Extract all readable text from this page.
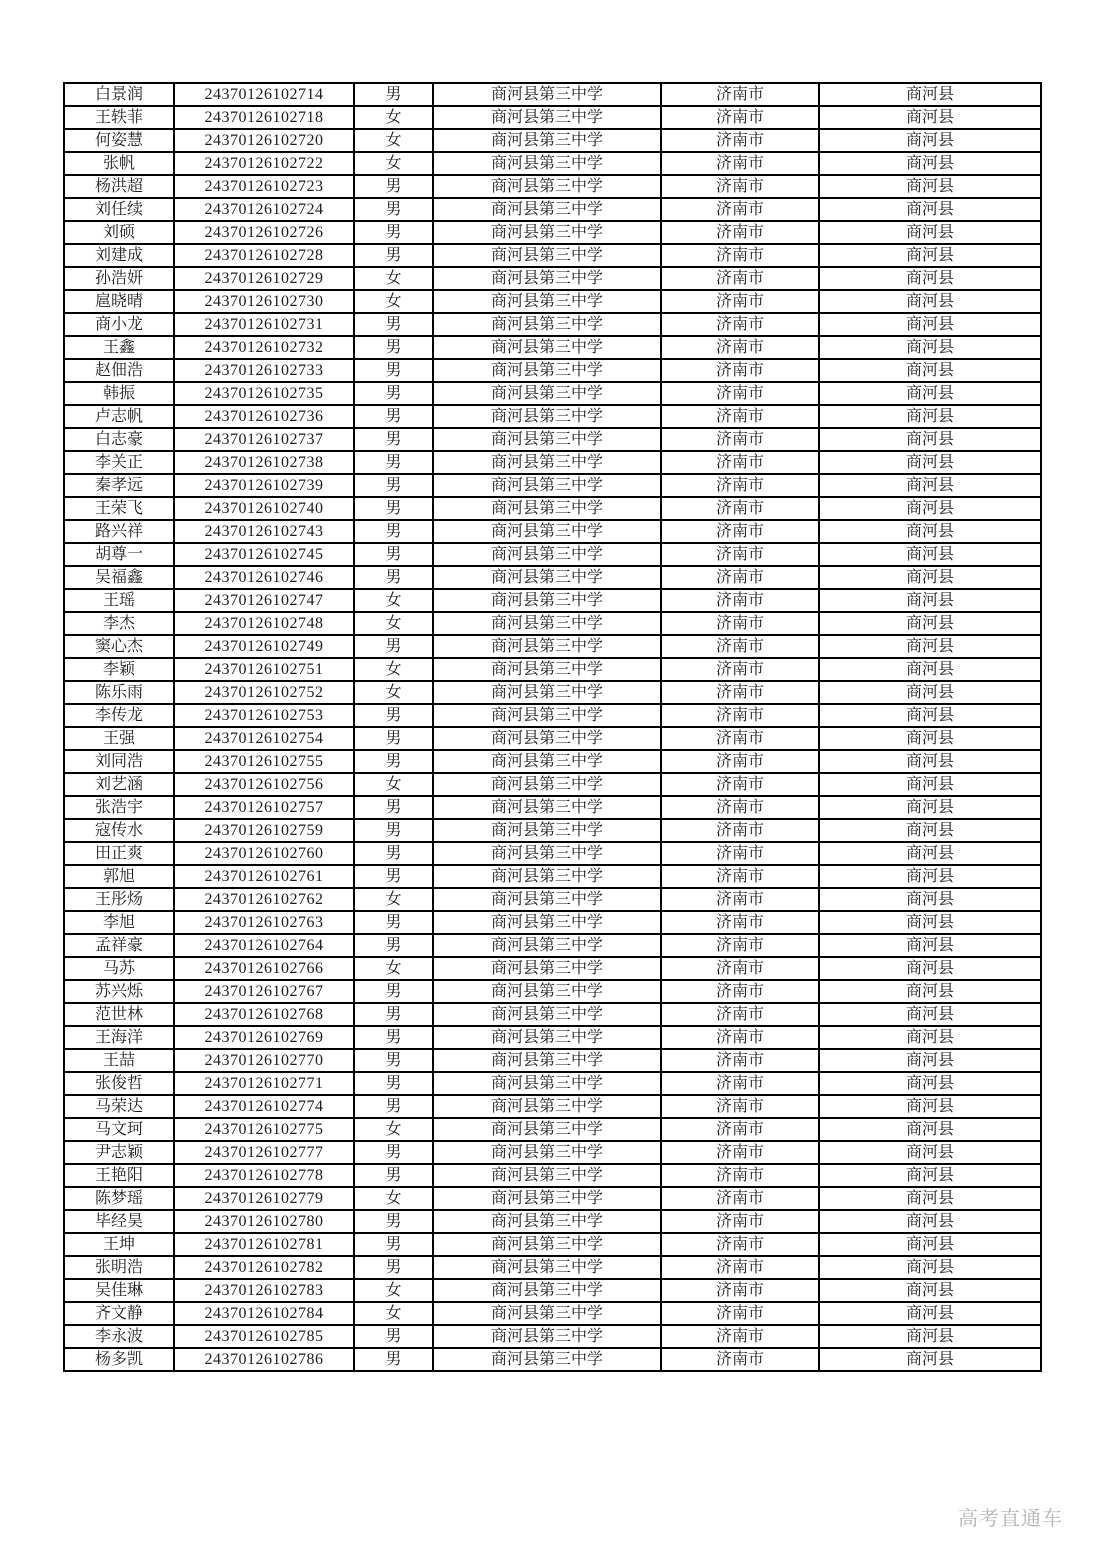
白景润	24370126102714	男	商河县第三中学	济南市	商河县
王轶菲	24370126102718	女	商河县第三中学	济南市	商河县
何姿慧	24370126102720	女	商河县第三中学	济南市	商河县
张帆	24370126102722	女	商河县第三中学	济南市	商河县
杨洪超	24370126102723	男	商河县第三中学	济南市	商河县
刘任续	24370126102724	男	商河县第三中学	济南市	商河县
刘硕	24370126102726	男	商河县第三中学	济南市	商河县
刘建成	24370126102728	男	商河县第三中学	济南市	商河县
孙浩妍	24370126102729	女	商河县第三中学	济南市	商河县
扈晓晴	24370126102730	女	商河县第三中学	济南市	商河县
商小龙	24370126102731	男	商河县第三中学	济南市	商河县
王鑫	24370126102732	男	商河县第三中学	济南市	商河县
赵佃浩	24370126102733	男	商河县第三中学	济南市	商河县
韩振	24370126102735	男	商河县第三中学	济南市	商河县
卢志帆	24370126102736	男	商河县第三中学	济南市	商河县
白志豪	24370126102737	男	商河县第三中学	济南市	商河县
李关正	24370126102738	男	商河县第三中学	济南市	商河县
秦孝远	24370126102739	男	商河县第三中学	济南市	商河县
王荣飞	24370126102740	男	商河县第三中学	济南市	商河县
路兴祥	24370126102743	男	商河县第三中学	济南市	商河县
胡尊一	24370126102745	男	商河县第三中学	济南市	商河县
吴福鑫	24370126102746	男	商河县第三中学	济南市	商河县
王瑶	24370126102747	女	商河县第三中学	济南市	商河县
李杰	24370126102748	女	商河县第三中学	济南市	商河县
窦心杰	24370126102749	男	商河县第三中学	济南市	商河县
李颖	24370126102751	女	商河县第三中学	济南市	商河县
陈乐雨	24370126102752	女	商河县第三中学	济南市	商河县
李传龙	24370126102753	男	商河县第三中学	济南市	商河县
王强	24370126102754	男	商河县第三中学	济南市	商河县
刘同浩	24370126102755	男	商河县第三中学	济南市	商河县
刘艺涵	24370126102756	女	商河县第三中学	济南市	商河县
张浩宇	24370126102757	男	商河县第三中学	济南市	商河县
寇传水	24370126102759	男	商河县第三中学	济南市	商河县
田正爽	24370126102760	男	商河县第三中学	济南市	商河县
郭旭	24370126102761	男	商河县第三中学	济南市	商河县
王彤炀	24370126102762	女	商河县第三中学	济南市	商河县
李旭	24370126102763	男	商河县第三中学	济南市	商河县
孟祥豪	24370126102764	男	商河县第三中学	济南市	商河县
马苏	24370126102766	女	商河县第三中学	济南市	商河县
苏兴烁	24370126102767	男	商河县第三中学	济南市	商河县
范世林	24370126102768	男	商河县第三中学	济南市	商河县
王海洋	24370126102769	男	商河县第三中学	济南市	商河县
王喆	24370126102770	男	商河县第三中学	济南市	商河县
张俊哲	24370126102771	男	商河县第三中学	济南市	商河县
马荣达	24370126102774	男	商河县第三中学	济南市	商河县
马文珂	24370126102775	女	商河县第三中学	济南市	商河县
尹志颖	24370126102777	男	商河县第三中学	济南市	商河县
王艳阳	24370126102778	男	商河县第三中学	济南市	商河县
陈梦瑶	24370126102779	女	商河县第三中学	济南市	商河县
毕经昊	24370126102780	男	商河县第三中学	济南市	商河县
王坤	24370126102781	男	商河县第三中学	济南市	商河县
张明浩	24370126102782	男	商河县第三中学	济南市	商河县
吴佳琳	24370126102783	女	商河县第三中学	济南市	商河县
齐文静	24370126102784	女	商河县第三中学	济南市	商河县
李永波	24370126102785	男	商河县第三中学	济南市	商河县
杨多凯	24370126102786	男	商河县第三中学	济南市	商河县
高考直通车
